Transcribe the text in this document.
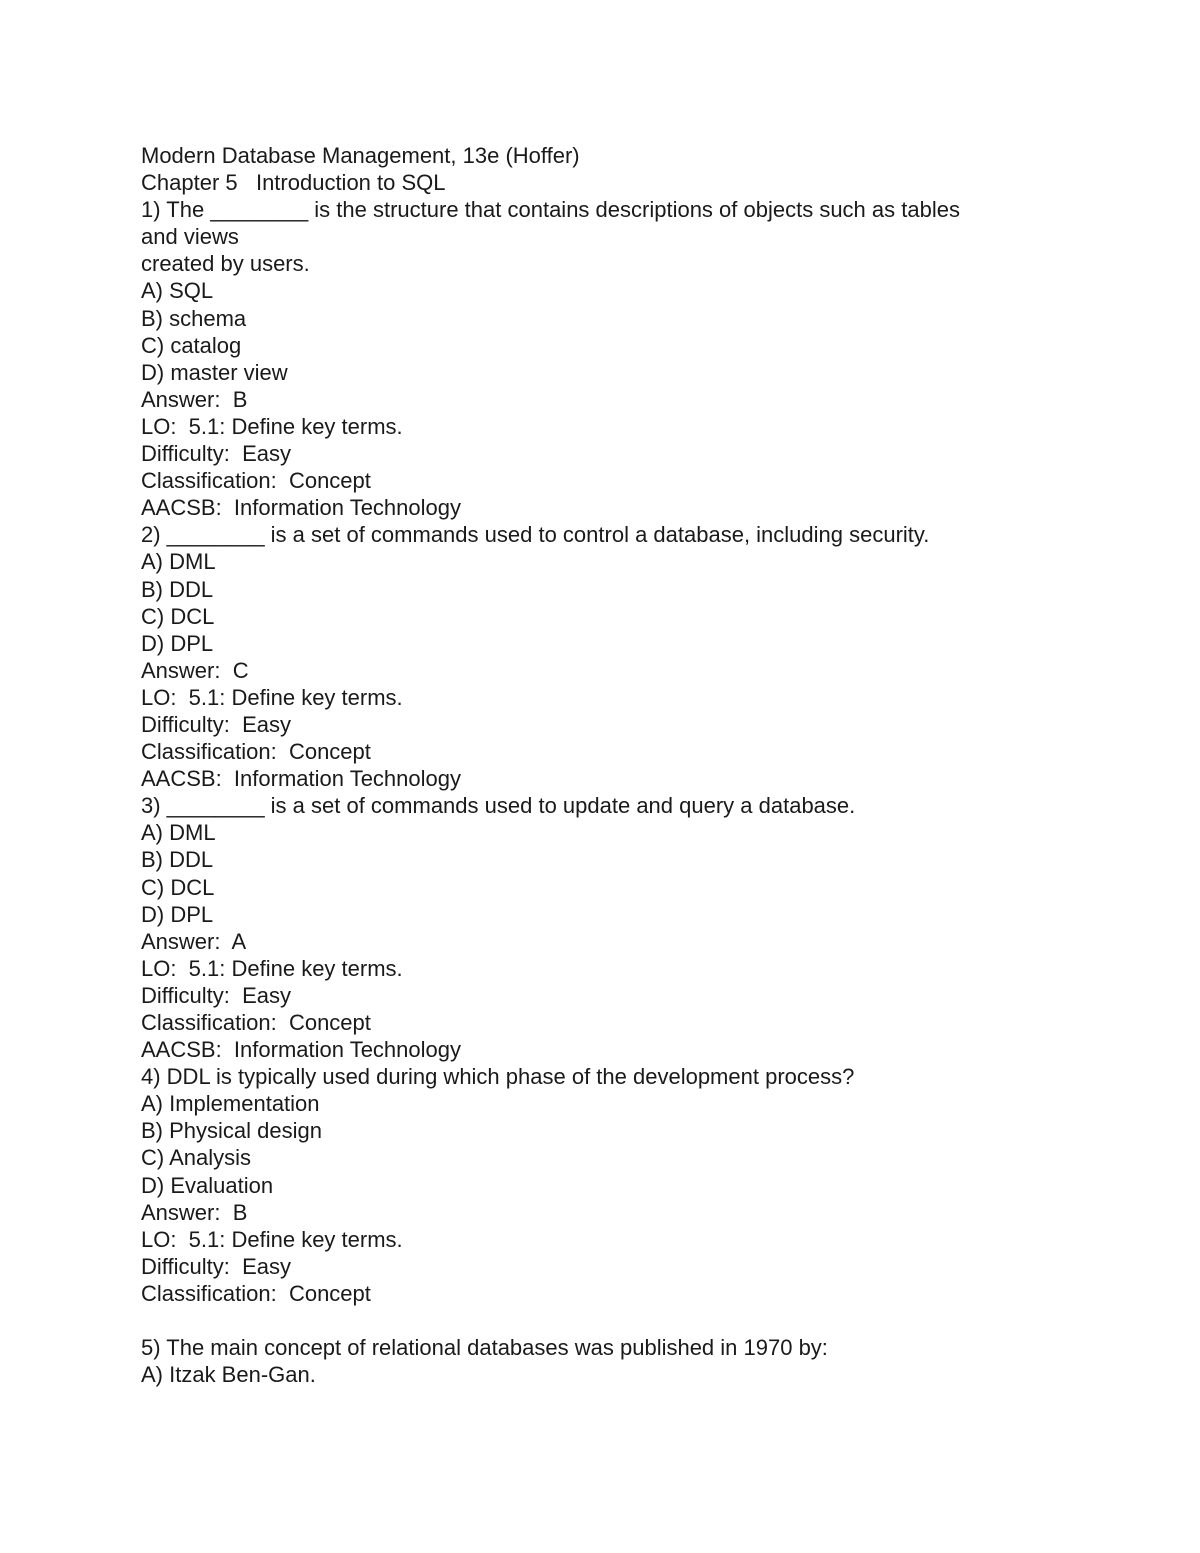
Modern Database Management, 13e (Hoffer)
Chapter 5   Introduction to SQL
1) The ________ is the structure that contains descriptions of objects such as tables
and views
created by users.
A) SQL
B) schema
C) catalog
D) master view
Answer:  B
LO:  5.1: Define key terms.
Difficulty:  Easy
Classification:  Concept
AACSB:  Information Technology
2) ________ is a set of commands used to control a database, including security.
A) DML
B) DDL
C) DCL
D) DPL
Answer:  C
LO:  5.1: Define key terms.
Difficulty:  Easy
Classification:  Concept
AACSB:  Information Technology
3) ________ is a set of commands used to update and query a database.
A) DML
B) DDL
C) DCL
D) DPL
Answer:  A
LO:  5.1: Define key terms.
Difficulty:  Easy
Classification:  Concept
AACSB:  Information Technology
4) DDL is typically used during which phase of the development process?
A) Implementation
B) Physical design
C) Analysis
D) Evaluation
Answer:  B
LO:  5.1: Define key terms.
Difficulty:  Easy
Classification:  Concept
5) The main concept of relational databases was published in 1970 by:
A) Itzak Ben-Gan.
